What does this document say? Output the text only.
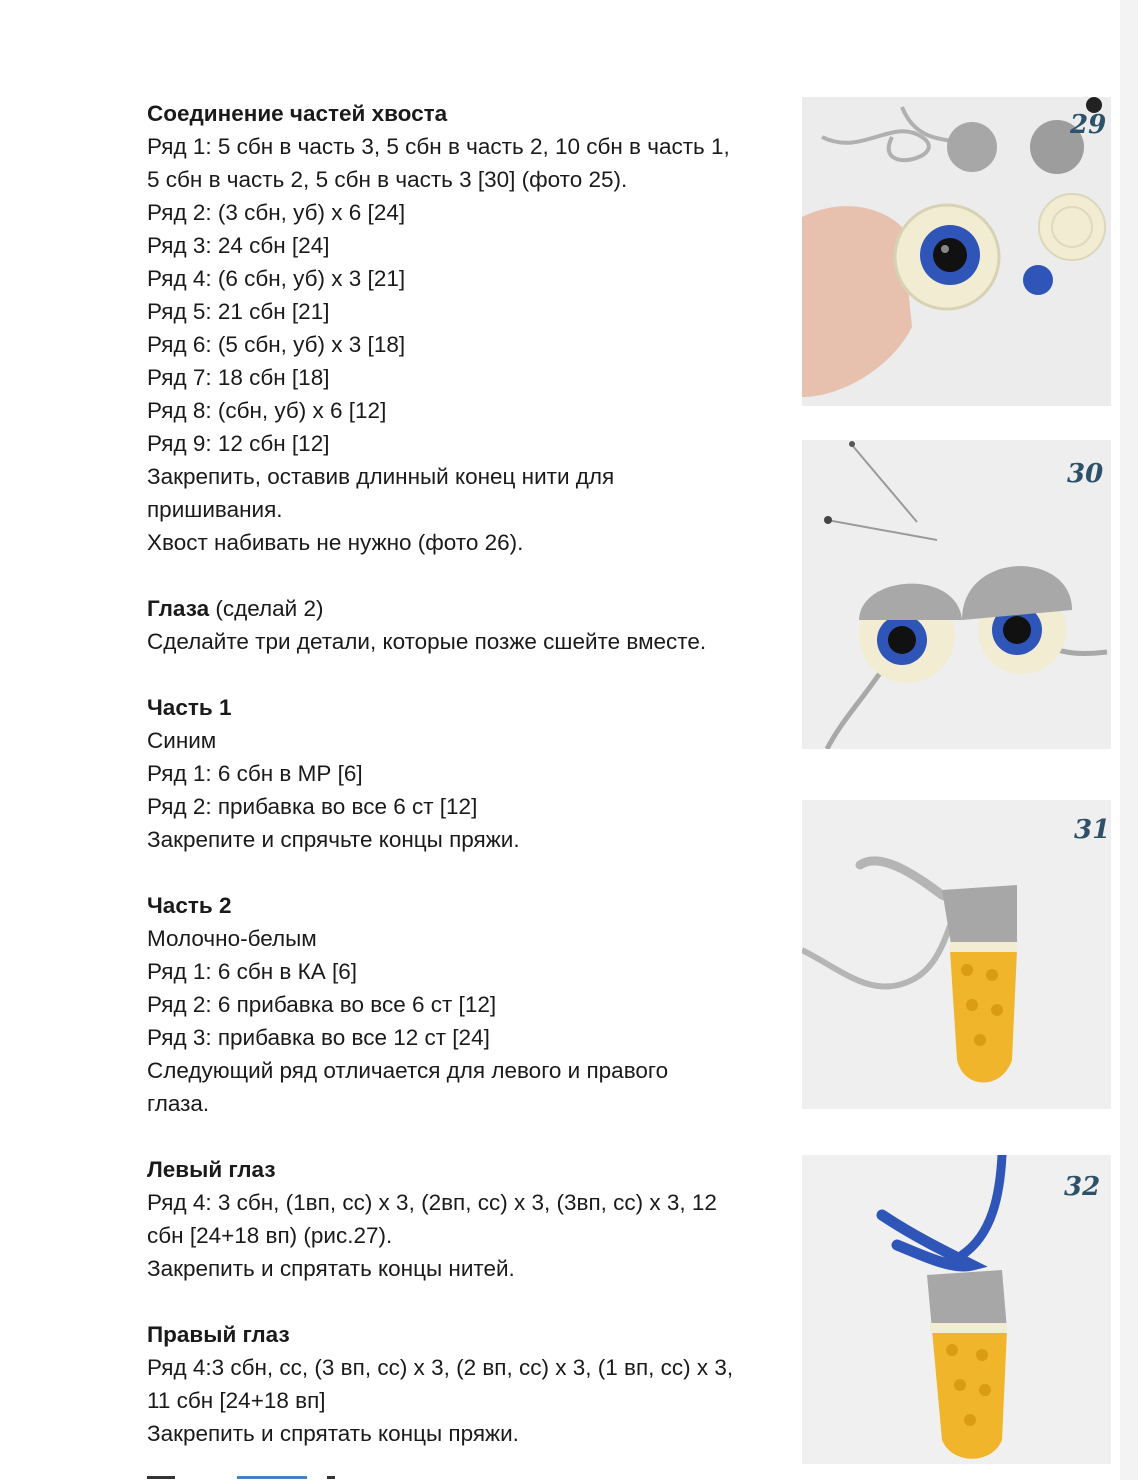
Соединение частей хвоста

Ряд 1: 5 сбн в часть 3, 5 сбн в часть 2, 10 сбн в часть 1,

5 сбн в часть 2, 5 сбн в часть 3 [30] (фото 25).

Ряд 2: (3 сбн, уб) х 6 [24]

Ряд 3: 24 сбн [24]

Ряд 4: (6 сбн, уб) х 3 [21]

Ряд 5: 21 сбн [21]

Ряд 6: (5 сбн, уб) х 3 [18]

Ряд 7: 18 сбн [18]

Ряд 8: (сбн, уб) х 6 [12]

Ряд 9: 12 сбн [12]

Закрепить, оставив длинный конец нити для

пришивания.

Хвост набивать не нужно (фото 26).

Глаза (сделай 2)

Сделайте три детали, которые позже сшейте вместе.

Часть 1

Синим

Ряд 1: 6 сбн в МР [6]

Ряд 2: прибавка во все 6 ст [12]

Закрепите и спрячьте концы пряжи.

Часть 2

Молочно-белым

Ряд 1: 6 сбн в КА [6]

Ряд 2: 6 прибавка во все 6 ст [12]

Ряд 3: прибавка во все 12 ст [24]

Следующий ряд отличается для левого и правого

глаза.

Левый глаз

Ряд 4: 3 сбн, (1вп, сс) х 3, (2вп, сс) х 3, (3вп, сс) х 3, 12

сбн [24+18 вп) (рис.27).

Закрепить и спрятать концы нитей.

Правый глаз

Ряд 4:3 сбн, сс, (3 вп, сс) х 3, (2 вп, сс) х 3, (1 вп, сс) х 3,

11 сбн [24+18 вп]

Закрепить и спрятать концы пряжи.

29
30
31
32
